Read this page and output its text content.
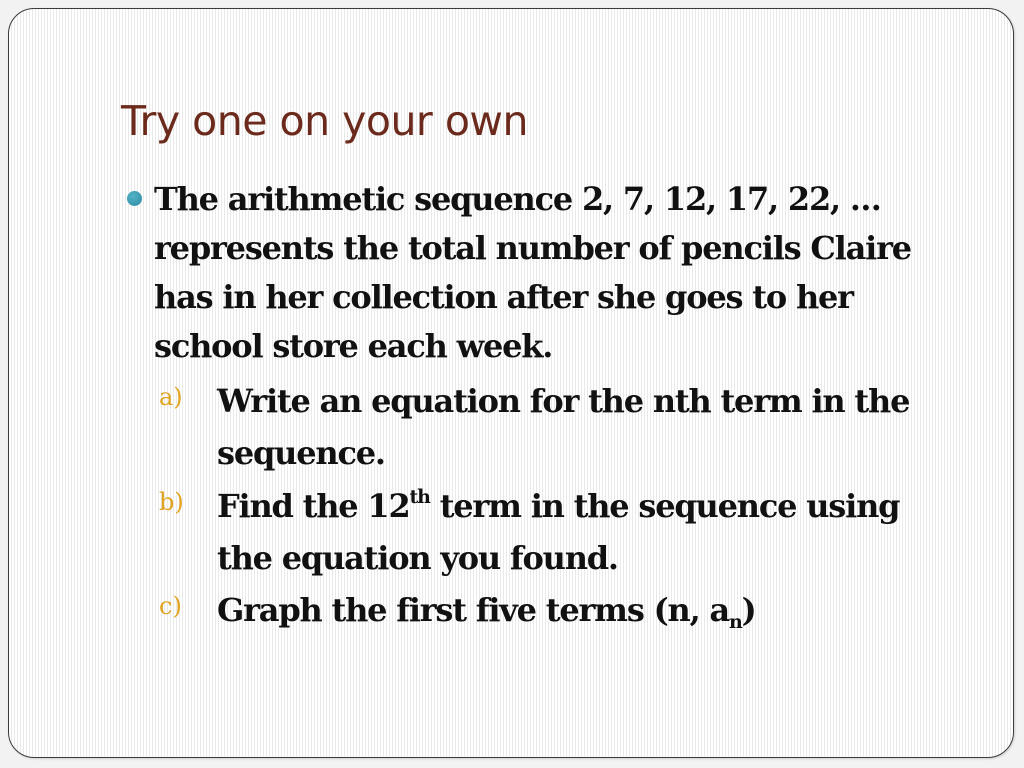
Try one on your own
The arithmetic sequence 2, 7, 12, 17, 22, … represents the total number of pencils Claire has in her collection after she goes to her school store each week.
a) Write an equation for the nth term in the sequence.
b) Find the 12th term in the sequence using the equation you found.
c) Graph the first five terms (n, $a_n$)
